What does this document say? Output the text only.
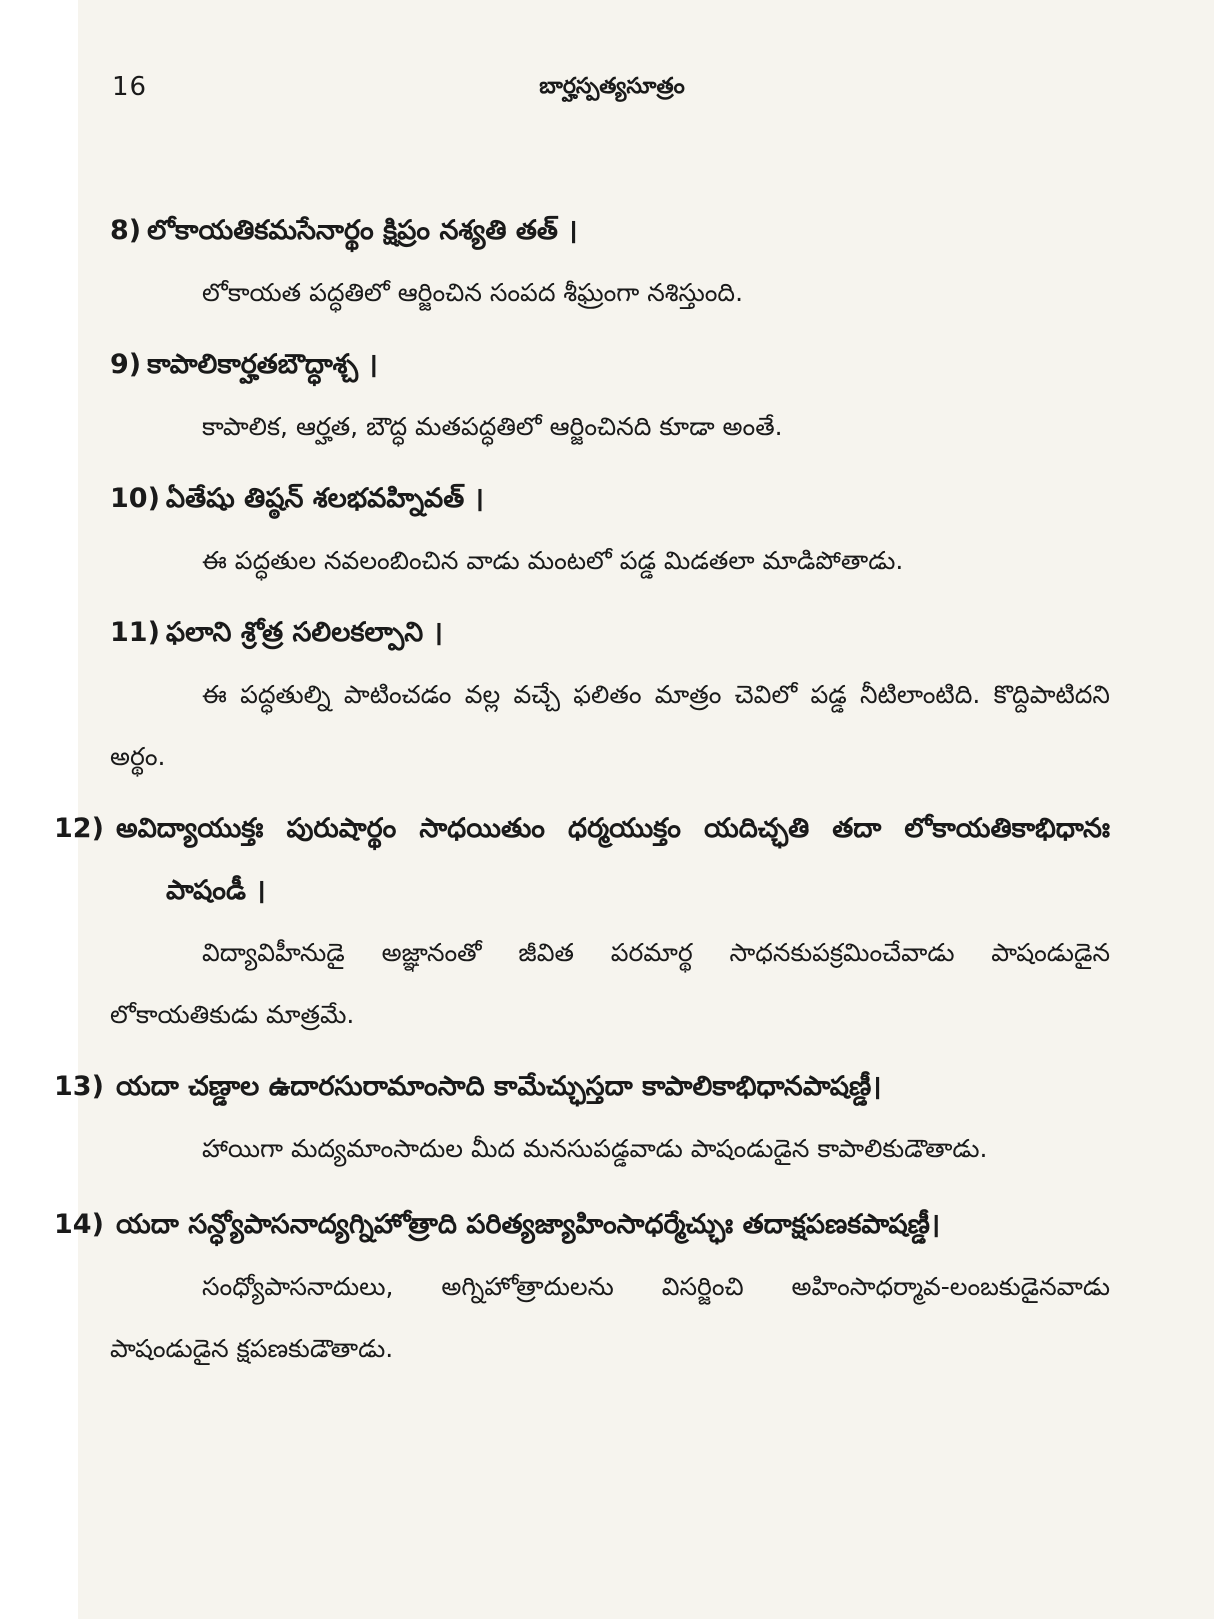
16	బార్హస్పత్యసూత్రం
8) లోకాయతికమసేనార్థం క్షిప్రం నశ్యతి తత్ ।
లోకాయత పద్ధతిలో ఆర్జించిన సంపద శీఘ్రంగా నశిస్తుంది.
9) కాపాలికార్హతబౌద్ధాశ్చ ।
కాపాలిక, ఆర్హత, బౌద్ధ మతపద్ధతిలో ఆర్జించినది కూడా అంతే.
10) ఏతేషు తిష్ఠన్ శలభవహ్నివత్ ।
ఈ పద్ధతుల నవలంబించిన వాడు మంటలో పడ్డ మిడతలా మాడిపోతాడు.
11) ఫలాని శ్రోత్ర సలిలకల్పాని ।
ఈ పద్ధతుల్ని పాటించడం వల్ల వచ్చే ఫలితం మాత్రం చెవిలో పడ్డ నీటిలాంటిది. కొద్దిపాటిదని అర్థం.
అవిద్యాయుక్తః పురుషార్థం సాధయితుం ధర్మయుక్తం యదిచ్ఛతి తదా లోకాయతికాభిధానః పాషండీ ।
విద్యావిహీనుడై అజ్ఞానంతో జీవిత పరమార్థ సాధనకుపక్రమించేవాడు పాషండుడైన లోకాయతికుడు మాత్రమే.
యదా చణ్డాల ఉదారసురామాంసాది కామేచ్ఛుస్తదా కాపాలికాభిధానపాషణ్డీ।
హాయిగా మద్యమాంసాదుల మీద మనసుపడ్డవాడు పాషండుడైన కాపాలికుడౌతాడు.
యదా సన్ధ్యోపాసనాద్యగ్నిహోత్రాది పరిత్యజ్యాహింసాధర్మేచ్ఛుః తదాక్షపణకపాషణ్డీ।
సంధ్యోపాసనాదులు, అగ్నిహోత్రాదులను విసర్జించి అహింసాధర్మావ-లంబకుడైనవాడు పాషండుడైన క్షపణకుడౌతాడు.
